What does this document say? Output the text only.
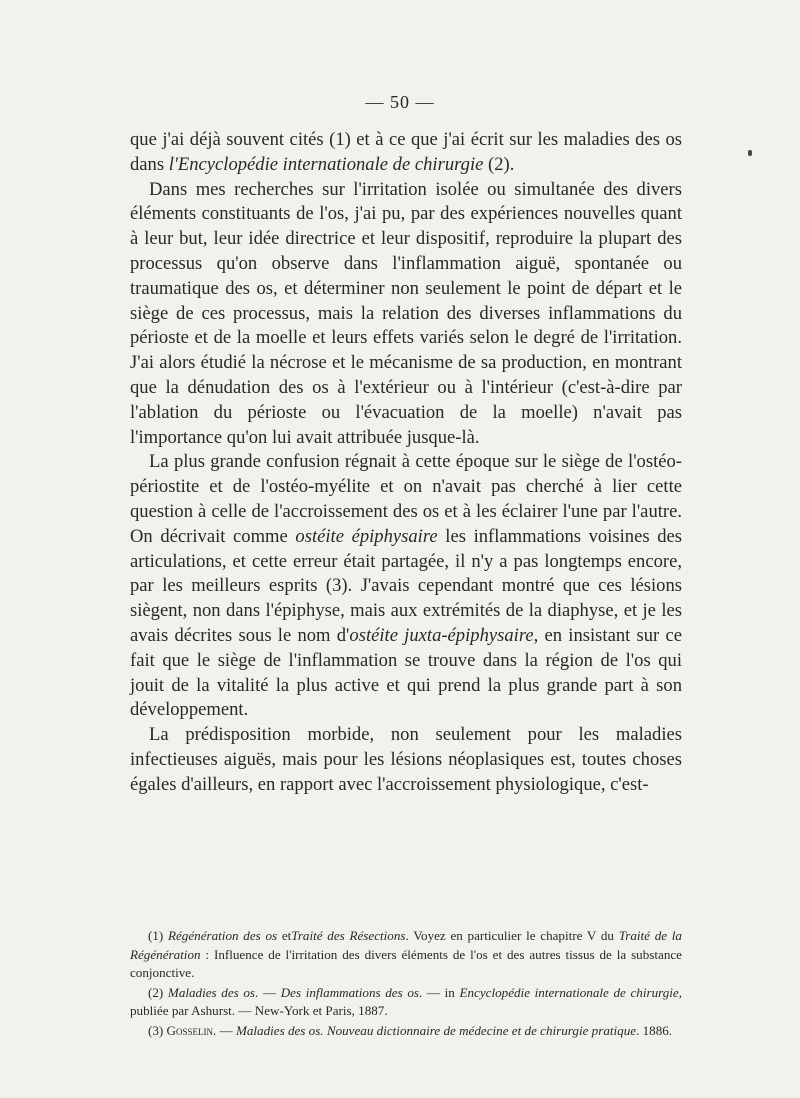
— 50 —

que j'ai déjà souvent cités (1) et à ce que j'ai écrit sur les maladies des os dans l'Encyclopédie internationale de chirurgie (2).

Dans mes recherches sur l'irritation isolée ou simultanée des divers éléments constituants de l'os, j'ai pu, par des expériences nouvelles quant à leur but, leur idée directrice et leur dispositif, reproduire la plupart des processus qu'on observe dans l'inflammation aiguë, spontanée ou traumatique des os, et déterminer non seulement le point de départ et le siège de ces processus, mais la relation des diverses inflammations du périoste et de la moelle et leurs effets variés selon le degré de l'irritation. J'ai alors étudié la nécrose et le mécanisme de sa production, en montrant que la dénudation des os à l'extérieur ou à l'intérieur (c'est-à-dire par l'ablation du périoste ou l'évacuation de la moelle) n'avait pas l'importance qu'on lui avait attribuée jusque-là.

La plus grande confusion régnait à cette époque sur le siège de l'ostéo-périostite et de l'ostéo-myélite et on n'avait pas cherché à lier cette question à celle de l'accroissement des os et à les éclairer l'une par l'autre. On décrivait comme ostéite épiphysaire les inflammations voisines des articulations, et cette erreur était partagée, il n'y a pas longtemps encore, par les meilleurs esprits (3). J'avais cependant montré que ces lésions siègent, non dans l'épiphyse, mais aux extrémités de la diaphyse, et je les avais décrites sous le nom d'ostéite juxta-épiphysaire, en insistant sur ce fait que le siège de l'inflammation se trouve dans la région de l'os qui jouit de la vitalité la plus active et qui prend la plus grande part à son développement.

La prédisposition morbide, non seulement pour les maladies infectieuses aiguës, mais pour les lésions néoplasiques est, toutes choses égales d'ailleurs, en rapport avec l'accroissement physiologique, c'est-

(1) Régénération des os etTraité des Résections. Voyez en particulier le chapitre V du Traité de la Régénération : Influence de l'irritation des divers éléments de l'os et des autres tissus de la substance conjonctive.

(2) Maladies des os. — Des inflammations des os. — in Encyclopédie internationale de chirurgie, publiée par Ashurst. — New-York et Paris, 1887.

(3) Gosselin. — Maladies des os. Nouveau dictionnaire de médecine et de chirurgie pratique. 1886.
